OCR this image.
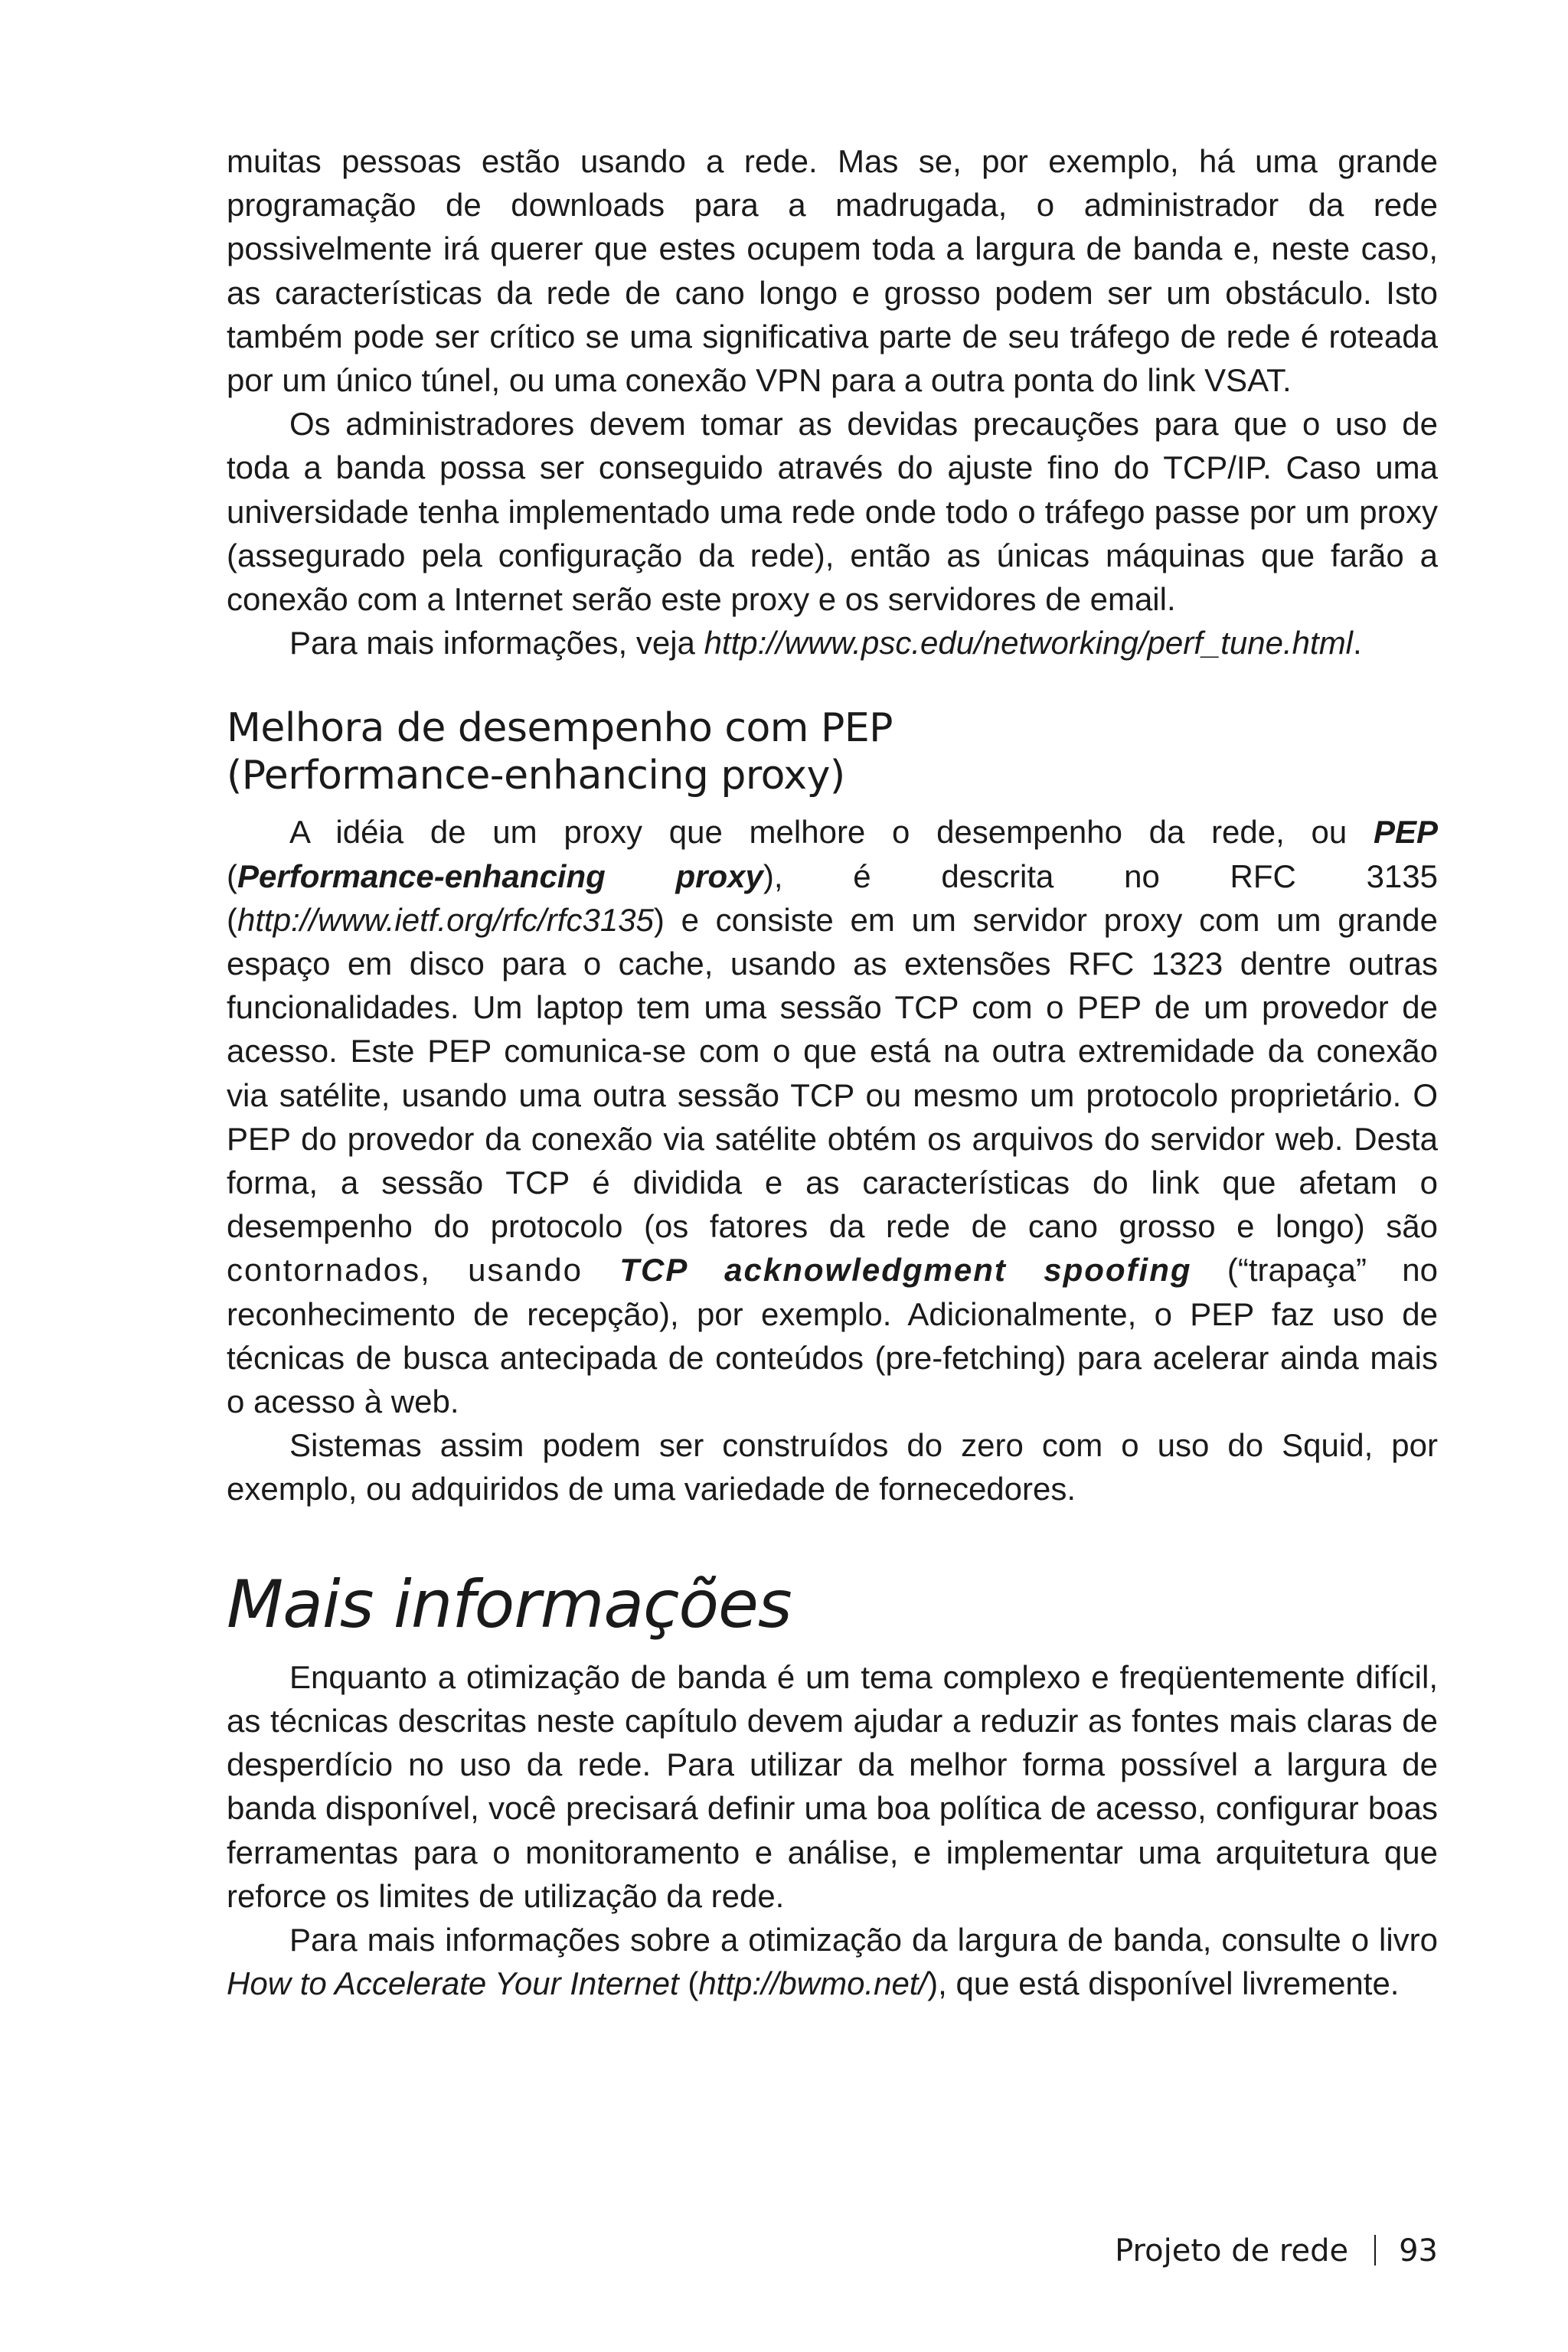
muitas pessoas estão usando a rede. Mas se, por exemplo, há uma grande programação de downloads para a madrugada, o administrador da rede possivelmente irá querer que estes ocupem toda a largura de banda e, neste caso, as características da rede de cano longo e grosso podem ser um obstáculo. Isto também pode ser crítico se uma significativa parte de seu tráfego de rede é roteada por um único túnel, ou uma conexão VPN para a outra ponta do link VSAT.

Os administradores devem tomar as devidas precauções para que o uso de toda a banda possa ser conseguido através do ajuste fino do TCP/IP. Caso uma universidade tenha implementado uma rede onde todo o tráfego passe por um proxy (assegurado pela configuração da rede), então as únicas máquinas que farão a conexão com a Internet serão este proxy e os servidores de email.

Para mais informações, veja http://www.psc.edu/networking/perf_tune.html.

Melhora de desempenho com PEP
(Performance-enhancing proxy)

A idéia de um proxy que melhore o desempenho da rede, ou PEP (Performance-enhancing proxy), é descrita no RFC 3135 (http://www.ietf.org/rfc/rfc3135) e consiste em um servidor proxy com um grande espaço em disco para o cache, usando as extensões RFC 1323 dentre outras funcionalidades. Um laptop tem uma sessão TCP com o PEP de um provedor de acesso. Este PEP comunica-se com o que está na outra extremidade da conexão via satélite, usando uma outra sessão TCP ou mesmo um protocolo proprietário. O PEP do provedor da conexão via satélite obtém os arquivos do servidor web. Desta forma, a sessão TCP é dividida e as características do link que afetam o desempenho do protocolo (os fatores da rede de cano grosso e longo) são contornados, usando TCP acknowledgment spoofing (“trapaça” no reconhecimento de recepção), por exemplo. Adicionalmente, o PEP faz uso de técnicas de busca antecipada de conteúdos (pre-fetching) para acelerar ainda mais o acesso à web.

Sistemas assim podem ser construídos do zero com o uso do Squid, por exemplo, ou adquiridos de uma variedade de fornecedores.

Mais informações

Enquanto a otimização de banda é um tema complexo e freqüentemente difícil, as técnicas descritas neste capítulo devem ajudar a reduzir as fontes mais claras de desperdício no uso da rede. Para utilizar da melhor forma possível a largura de banda disponível, você precisará definir uma boa política de acesso, configurar boas ferramentas para o monitoramento e análise, e implementar uma arquitetura que reforce os limites de utilização da rede.

Para mais informações sobre a otimização da largura de banda, consulte o livro How to Accelerate Your Internet (http://bwmo.net/), que está disponível livremente.

Projeto de rede 93
